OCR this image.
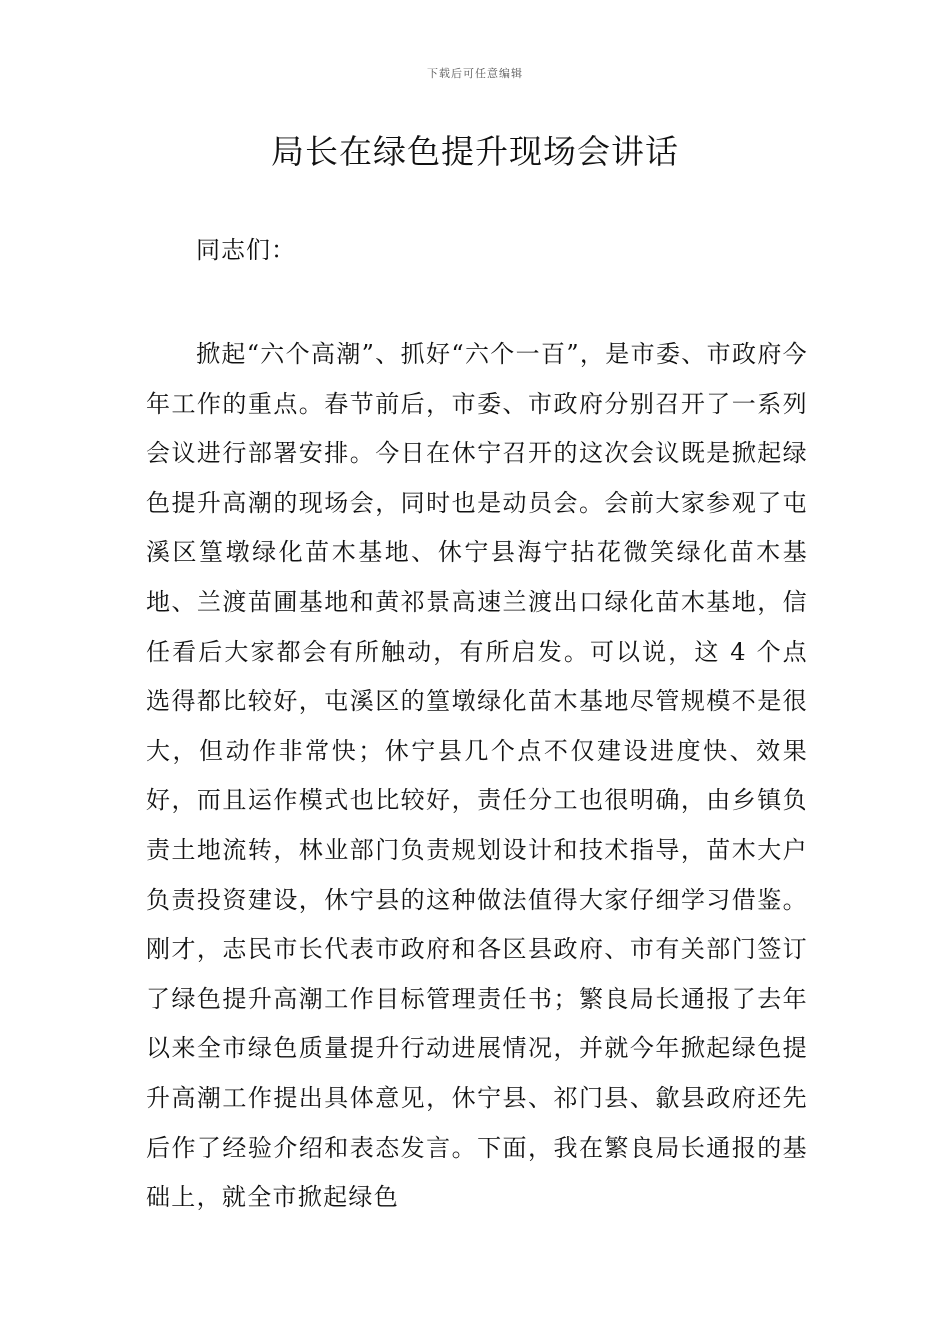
下载后可任意编辑
局长在绿色提升现场会讲话
同志们：

掀起“六个高潮”、抓好“六个一百”，是市委、市政府今年工作的重点。春节前后，市委、市政府分别召开了一系列会议进行部署安排。今日在休宁召开的这次会议既是掀起绿色提升高潮的现场会，同时也是动员会。会前大家参观了屯溪区篁墩绿化苗木基地、休宁县海宁拈花微笑绿化苗木基地、兰渡苗圃基地和黄祁景高速兰渡出口绿化苗木基地，信任看后大家都会有所触动，有所启发。可以说，这 4 个点选得都比较好，屯溪区的篁墩绿化苗木基地尽管规模不是很大，但动作非常快；休宁县几个点不仅建设进度快、效果好，而且运作模式也比较好，责任分工也很明确，由乡镇负责土地流转，林业部门负责规划设计和技术指导，苗木大户负责投资建设，休宁县的这种做法值得大家仔细学习借鉴。刚才，志民市长代表市政府和各区县政府、市有关部门签订了绿色提升高潮工作目标管理责任书；繁良局长通报了去年以来全市绿色质量提升行动进展情况，并就今年掀起绿色提升高潮工作提出具体意见，休宁县、祁门县、歙县政府还先后作了经验介绍和表态发言。下面，我在繁良局长通报的基础上，就全市掀起绿色
